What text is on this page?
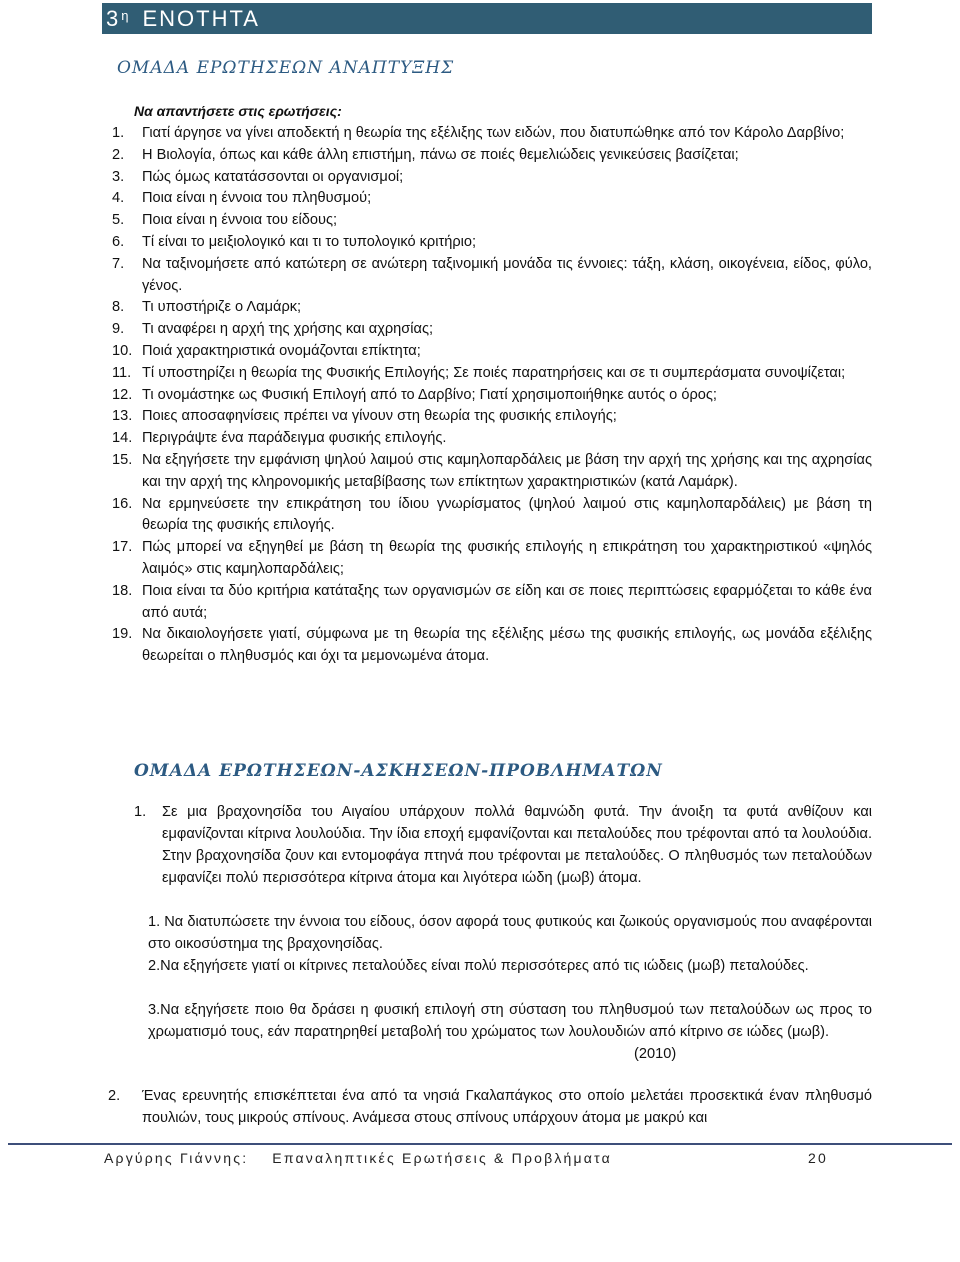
$3^\eta$ ΕΝΟΤΗΤΑ
ΟΜΑΔΑ ΕΡΩΤΗΣΕΩΝ ΑΝΑΠΤΥΞΗΣ
Να απαντήσετε στις ερωτήσεις:
1.	Γιατί άργησε να γίνει αποδεκτή η θεωρία της εξέλιξης των ειδών, που διατυπώθηκε από τον Κάρολο Δαρβίνο;
2.	Η Βιολογία, όπως και κάθε άλλη επιστήμη, πάνω σε ποιές θεμελιώδεις γενικεύσεις βασίζεται;
3.	Πώς όμως κατατάσσονται οι οργανισμοί;
4.	Ποια είναι η έννοια του πληθυσμού;
5.	Ποια είναι η έννοια του είδους;
6.	Τί είναι το μειξιολογικό και τι το τυπολογικό κριτήριο;
7.	Να ταξινομήσετε από κατώτερη σε ανώτερη ταξινομική μονάδα τις έννοιες: τάξη, κλάση, οικογένεια, είδος, φύλο, γένος.
8.	Τι υποστήριζε ο Λαμάρκ;
9.	Τι αναφέρει η αρχή της χρήσης και αχρησίας;
10. Ποιά χαρακτηριστικά ονομάζονται επίκτητα;
11. Τί υποστηρίζει η θεωρία της Φυσικής Επιλογής; Σε ποιές παρατηρήσεις και σε τι συμπεράσματα συνοψίζεται;
12. Τι ονομάστηκε ως Φυσική Επιλογή από το Δαρβίνο; Γιατί χρησιμοποιήθηκε αυτός ο όρος;
13. Ποιες αποσαφηνίσεις πρέπει να γίνουν στη θεωρία της φυσικής επιλογής;
14. Περιγράψτε ένα παράδειγμα φυσικής επιλογής.
15. Να εξηγήσετε την εμφάνιση ψηλού λαιμού στις καμηλοπαρδάλεις με βάση την αρχή της χρήσης και της αχρησίας και την αρχή της κληρονομικής μεταβίβασης των επίκτητων χαρακτηριστικών (κατά Λαμάρκ).
16. Να ερμηνεύσετε την επικράτηση του ίδιου γνωρίσματος (ψηλού λαιμού στις καμηλοπαρδάλεις) με βάση τη θεωρία της φυσικής επιλογής.
17. Πώς μπορεί να εξηγηθεί με βάση τη θεωρία της φυσικής επιλογής η επικράτηση του χαρακτηριστικού «ψηλός λαιμός» στις καμηλοπαρδάλεις;
18. Ποια είναι τα δύο κριτήρια κατάταξης των οργανισμών σε είδη και σε ποιες περιπτώσεις εφαρμόζεται το κάθε ένα από αυτά;
19. Να δικαιολογήσετε γιατί, σύμφωνα με τη θεωρία της εξέλιξης μέσω της φυσικής επιλογής, ως μονάδα εξέλιξης θεωρείται ο πληθυσμός και όχι τα μεμονωμένα άτομα.
ΟΜΑΔΑ ΕΡΩΤΗΣΕΩΝ-ΑΣΚΗΣΕΩΝ-ΠΡΟΒΛΗΜΑΤΩΝ
1.	Σε μια βραχονησίδα του Αιγαίου υπάρχουν πολλά θαμνώδη φυτά. Την άνοιξη τα φυτά ανθίζουν και εμφανίζονται κίτρινα λουλούδια. Την ίδια εποχή εμφανίζονται και πεταλούδες που τρέφονται από τα λουλούδια. Στην βραχονησίδα ζουν και εντομοφάγα πτηνά που τρέφονται με πεταλούδες. Ο πληθυσμός των πεταλούδων εμφανίζει πολύ περισσότερα κίτρινα άτομα και λιγότερα ιώδη (μωβ) άτομα.
1. Να διατυπώσετε την έννοια του είδους, όσον αφορά τους φυτικούς και ζωικούς οργανισμούς που αναφέρονται στο οικοσύστημα της βραχονησίδας.
2.Να εξηγήσετε γιατί οι κίτρινες πεταλούδες είναι πολύ περισσότερες από τις ιώδεις (μωβ) πεταλούδες.
3.Να εξηγήσετε ποιο θα δράσει η φυσική επιλογή στη σύσταση του πληθυσμού των πεταλούδων ως προς το χρωματισμό τους, εάν παρατηρηθεί μεταβολή του χρώματος των λουλουδιών από κίτρινο σε ιώδες (μωβ).
(2010)
2.	Ένας ερευνητής επισκέπτεται ένα από τα νησιά Γκαλαπάγκος στο οποίο μελετάει προσεκτικά έναν πληθυσμό πουλιών, τους μικρούς σπίνους. Ανάμεσα στους σπίνους υπάρχουν άτομα με μακρύ και
Αργύρης Γιάννης: Επαναληπτικές Ερωτήσεις & Προβλήματα	20
